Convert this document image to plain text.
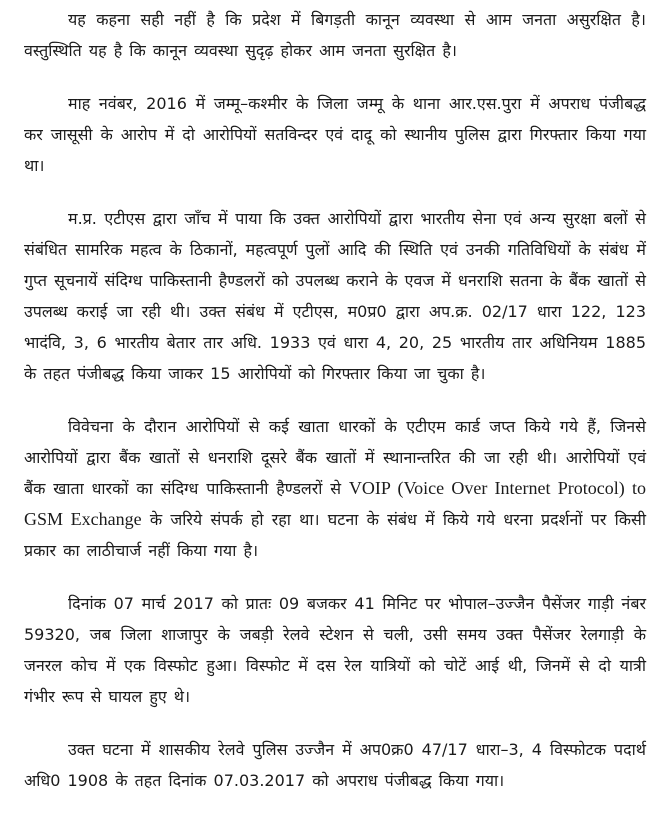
यह कहना सही नहीं है कि प्रदेश में बिगड़ती कानून व्यवस्था से आम जनता असुरक्षित है। वस्तुस्थिति यह है कि कानून व्यवस्था सुदृढ़ होकर आम जनता सुरक्षित है।

माह नवंबर, 2016 में जम्मू–कश्मीर के जिला जम्मू के थाना आर.एस.पुरा में अपराध पंजीबद्ध कर जासूसी के आरोप में दो आरोपियों सतविन्दर एवं दादू को स्थानीय पुलिस द्वारा गिरफ्तार किया गया था।

म.प्र. एटीएस द्वारा जाँच में पाया कि उक्त आरोपियों द्वारा भारतीय सेना एवं अन्य सुरक्षा बलों से संबंधित सामरिक महत्व के ठिकानों, महत्वपूर्ण पुलों आदि की स्थिति एवं उनकी गतिविधियों के संबंध में गुप्त सूचनायें संदिग्ध पाकिस्तानी हैण्डलरों को उपलब्ध कराने के एवज में धनराशि सतना के बैंक खातों से उपलब्ध कराई जा रही थी। उक्त संबंध में एटीएस, म0प्र0 द्वारा अप.क्र. 02/17 धारा 122, 123 भादंवि, 3, 6 भारतीय बेतार तार अधि. 1933 एवं धारा 4, 20, 25 भारतीय तार अधिनियम 1885 के तहत पंजीबद्ध किया जाकर 15 आरोपियों को गिरफ्तार किया जा चुका है।

विवेचना के दौरान आरोपियों से कई खाता धारकों के एटीएम कार्ड जप्त किये गये हैं, जिनसे आरोपियों द्वारा बैंक खातों से धनराशि दूसरे बैंक खातों में स्थानान्तरित की जा रही थी। आरोपियों एवं बैंक खाता धारकों का संदिग्ध पाकिस्तानी हैण्डलरों से VOIP (Voice Over Internet Protocol) to GSM Exchange के जरिये संपर्क हो रहा था। घटना के संबंध में किये गये धरना प्रदर्शनों पर किसी प्रकार का लाठीचार्ज नहीं किया गया है।

दिनांक 07 मार्च 2017 को प्रातः 09 बजकर 41 मिनिट पर भोपाल–उज्जैन पैसेंजर गाड़ी नंबर 59320, जब जिला शाजापुर के जबड़ी रेलवे स्टेशन से चली, उसी समय उक्त पैसेंजर रेलगाड़ी के जनरल कोच में एक विस्फोट हुआ। विस्फोट में दस रेल यात्रियों को चोटें आई थी, जिनमें से दो यात्री गंभीर रूप से घायल हुए थे।

उक्त घटना में शासकीय रेलवे पुलिस उज्जैन में अप0क्र0 47/17 धारा–3, 4 विस्फोटक पदार्थ अधि0 1908 के तहत दिनांक 07.03.2017 को अपराध पंजीबद्ध किया गया।
